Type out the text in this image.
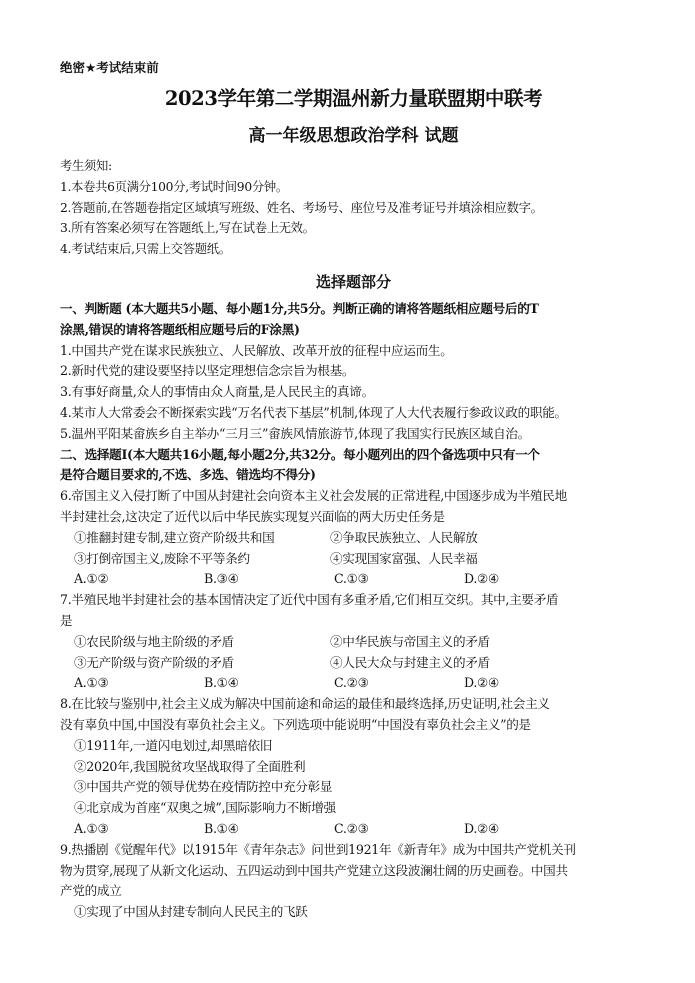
绝密★考试结束前
2023学年第二学期温州新力量联盟期中联考
高一年级思想政治学科 试题
考生须知:
1.本卷共6页满分100分,考试时间90分钟。
2.答题前,在答题卷指定区域填写班级、姓名、考场号、座位号及准考证号并填涂相应数字。
3.所有答案必须写在答题纸上,写在试卷上无效。
4.考试结束后,只需上交答题纸。
选择题部分
一、判断题 (本大题共5小题、每小题1分,共5分。判断正确的请将答题纸相应题号后的T
涂黑,错误的请将答题纸相应题号后的F涂黑)
1.中国共产党在谋求民族独立、人民解放、改革开放的征程中应运而生。
2.新时代党的建设要坚持以坚定理想信念宗旨为根基。
3.有事好商量,众人的事情由众人商量,是人民民主的真谛。
4.某市人大常委会不断探索实践“万名代表下基层”机制,体现了人大代表履行参政议政的职能。
5.温州平阳某畲族乡自主举办“三月三”畲族风情旅游节,体现了我国实行民族区域自治。
二、选择题Ⅰ(本大题共16小题,每小题2分,共32分。每小题列出的四个备选项中只有一个
是符合题目要求的,不选、多选、错选均不得分)
6.帝国主义入侵打断了中国从封建社会向资本主义社会发展的正常进程,中国逐步成为半殖民地
半封建社会,这决定了近代以后中华民族实现复兴面临的两大历史任务是
①推翻封建专制,建立资产阶级共和国	②争取民族独立、人民解放
③打倒帝国主义,废除不平等条约	④实现国家富强、人民幸福
A.①②	B.③④	C.①③	D.②④
7.半殖民地半封建社会的基本国情决定了近代中国有多重矛盾,它们相互交织。其中,主要矛盾
是
①农民阶级与地主阶级的矛盾	②中华民族与帝国主义的矛盾
③无产阶级与资产阶级的矛盾	④人民大众与封建主义的矛盾
A.①③	B.①④	C.②③	D.②④
8.在比较与鉴别中,社会主义成为解决中国前途和命运的最佳和最终选择,历史证明,社会主义
没有辜负中国,中国没有辜负社会主义。下列选项中能说明“中国没有辜负社会主义”的是
①1911年,一道闪电划过,却黑暗依旧
②2020年,我国脱贫攻坚战取得了全面胜利
③中国共产党的领导优势在疫情防控中充分彰显
④北京成为首座“双奥之城”,国际影响力不断增强
A.①③	B.①④	C.②③	D.②④
9.热播剧《觉醒年代》以1915年《青年杂志》问世到1921年《新青年》成为中国共产党机关刊
物为贯穿,展现了从新文化运动、五四运动到中国共产党建立这段波澜壮阔的历史画卷。中国共
产党的成立
①实现了中国从封建专制向人民民主的飞跃
